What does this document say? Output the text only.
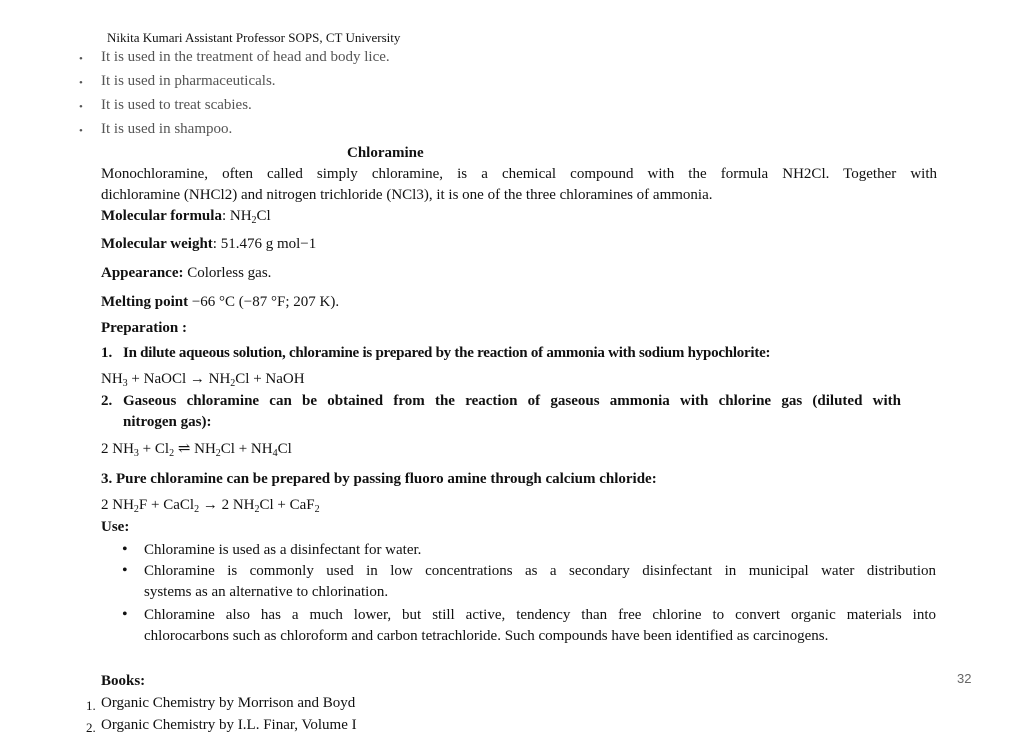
Nikita Kumari Assistant Professor SOPS, CT University
• It is used in the treatment of head and body lice.
• It is used in pharmaceuticals.
• It is used to treat scabies.
• It is used in shampoo.
Chloramine
Monochloramine, often called simply chloramine, is a chemical compound with the formula NH2Cl. Together with
dichloramine (NHCl2) and nitrogen trichloride (NCl3), it is one of the three chloramines of ammonia.
Molecular formula: $NH_2Cl$
Molecular weight: 51.476 g mol−1
Appearance: Colorless gas.
Melting point −66 °C (−87 °F; 207 K).
Preparation :
1. In dilute aqueous solution, chloramine is prepared by the reaction of ammonia with sodium hypochlorite:
$NH_3$ + NaOCl → $NH_2Cl$ + NaOH
2. Gaseous chloramine can be obtained from the reaction of gaseous ammonia with chlorine gas (diluted with
nitrogen gas):
2 $NH_3 + Cl_2$ ⇌ $NH_2Cl + NH_4Cl$
3. Pure chloramine can be prepared by passing fluoro amine through calcium chloride:
2 $NH_2F$ + CaCl$_2$ → 2 $NH_2Cl + CaF_2$
Use:
• Chloramine is used as a disinfectant for water.
• Chloramine is commonly used in low concentrations as a secondary disinfectant in municipal water distribution
systems as an alternative to chlorination.
• Chloramine also has a much lower, but still active, tendency than free chlorine to convert organic materials into
chlorocarbons such as chloroform and carbon tetrachloride. Such compounds have been identified as carcinogens.
32
Books:
1. Organic Chemistry by Morrison and Boyd
2. Organic Chemistry by I.L. Finar, Volume I
